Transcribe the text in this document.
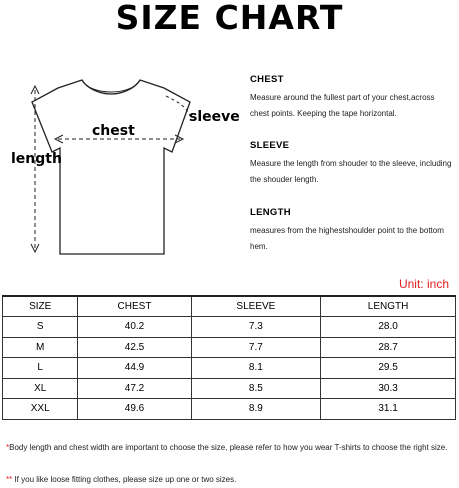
SIZE CHART
chest
sleeve
length
CHEST

Measure around the fullest part of your chest,across chest points. Keeping the tape horizontal.

SLEEVE

Measure the length from shouder to the sleeve, including the shouder length.

LENGTH

measures from the highestshoulder point to the bottom hem.

Unit: inch
SIZE	CHEST	SLEEVE	LENGTH
S	40.2	7.3	28.0
M	42.5	7.7	28.7
L	44.9	8.1	29.5
XL	47.2	8.5	30.3
XXL	49.6	8.9	31.1
*Body length and chest width are important to choose the size, please refer to how you wear T-shirts to choose the right size.
** If you like loose fitting clothes, please size up one or two sizes.
